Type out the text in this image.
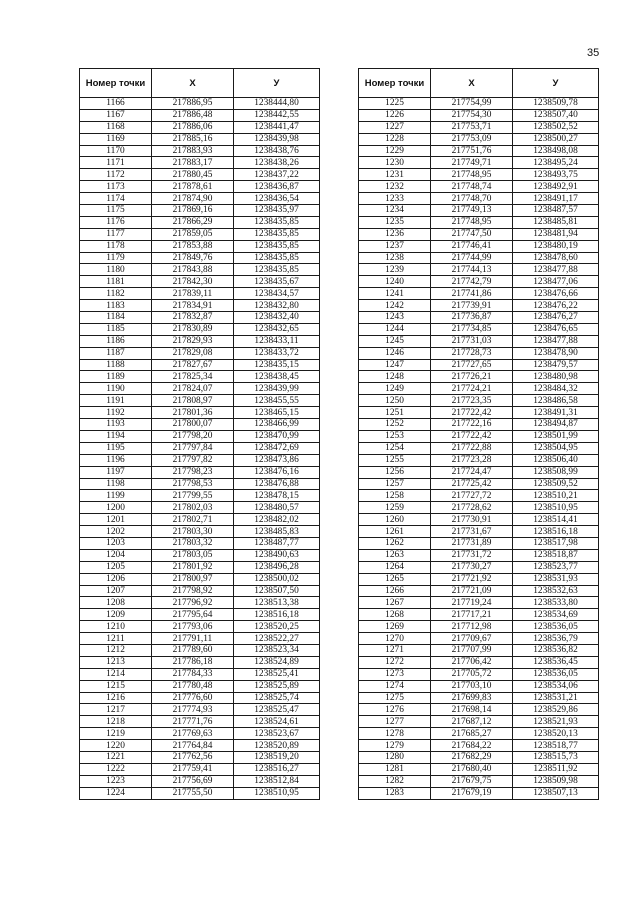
35
Номер точки	X	У
1166	217886,95	1238444,80
1167	217886,48	1238442,55
1168	217886,06	1238441,47
1169	217885,16	1238439,98
1170	217883,93	1238438,76
1171	217883,17	1238438,26
1172	217880,45	1238437,22
1173	217878,61	1238436,87
1174	217874,90	1238436,54
1175	217869,16	1238435,97
1176	217866,29	1238435,85
1177	217859,05	1238435,85
1178	217853,88	1238435,85
1179	217849,76	1238435,85
1180	217843,88	1238435,85
1181	217842,30	1238435,67
1182	217839,11	1238434,57
1183	217834,91	1238432,80
1184	217832,87	1238432,40
1185	217830,89	1238432,65
1186	217829,93	1238433,11
1187	217829,08	1238433,72
1188	217827,67	1238435,15
1189	217825,34	1238438,45
1190	217824,07	1238439,99
1191	217808,97	1238455,55
1192	217801,36	1238465,15
1193	217800,07	1238466,99
1194	217798,20	1238470,99
1195	217797,84	1238472,69
1196	217797,82	1238473,86
1197	217798,23	1238476,16
1198	217798,53	1238476,88
1199	217799,55	1238478,15
1200	217802,03	1238480,57
1201	217802,71	1238482,02
1202	217803,30	1238485,83
1203	217803,32	1238487,77
1204	217803,05	1238490,63
1205	217801,92	1238496,28
1206	217800,97	1238500,02
1207	217798,92	1238507,50
1208	217796,92	1238513,38
1209	217795,64	1238516,18
1210	217793,06	1238520,25
1211	217791,11	1238522,27
1212	217789,60	1238523,34
1213	217786,18	1238524,89
1214	217784,33	1238525,41
1215	217780,48	1238525,89
1216	217776,60	1238525,74
1217	217774,93	1238525,47
1218	217771,76	1238524,61
1219	217769,63	1238523,67
1220	217764,84	1238520,89
1221	217762,56	1238519,20
1222	217759,41	1238516,27
1223	217756,69	1238512,84
1224	217755,50	1238510,95
Номер точки	X	У
1225	217754,99	1238509,78
1226	217754,30	1238507,40
1227	217753,71	1238502,52
1228	217753,09	1238500,27
1229	217751,76	1238498,08
1230	217749,71	1238495,24
1231	217748,95	1238493,75
1232	217748,74	1238492,91
1233	217748,70	1238491,17
1234	217749,13	1238487,57
1235	217748,95	1238485,81
1236	217747,50	1238481,94
1237	217746,41	1238480,19
1238	217744,99	1238478,60
1239	217744,13	1238477,88
1240	217742,79	1238477,06
1241	217741,86	1238476,66
1242	217739,91	1238476,22
1243	217736,87	1238476,27
1244	217734,85	1238476,65
1245	217731,03	1238477,88
1246	217728,73	1238478,90
1247	217727,65	1238479,57
1248	217726,21	1238480,98
1249	217724,21	1238484,32
1250	217723,35	1238486,58
1251	217722,42	1238491,31
1252	217722,16	1238494,87
1253	217722,42	1238501,99
1254	217722,88	1238504,95
1255	217723,28	1238506,40
1256	217724,47	1238508,99
1257	217725,42	1238509,52
1258	217727,72	1238510,21
1259	217728,62	1238510,95
1260	217730,91	1238514,41
1261	217731,67	1238516,18
1262	217731,89	1238517,98
1263	217731,72	1238518,87
1264	217730,27	1238523,77
1265	217721,92	1238531,93
1266	217721,09	1238532,63
1267	217719,24	1238533,80
1268	217717,21	1238534,69
1269	217712,98	1238536,05
1270	217709,67	1238536,79
1271	217707,99	1238536,82
1272	217706,42	1238536,45
1273	217705,72	1238536,05
1274	217703,10	1238534,06
1275	217699,83	1238531,21
1276	217698,14	1238529,86
1277	217687,12	1238521,93
1278	217685,27	1238520,13
1279	217684,22	1238518,77
1280	217682,29	1238515,73
1281	217680,40	1238511,92
1282	217679,75	1238509,98
1283	217679,19	1238507,13
